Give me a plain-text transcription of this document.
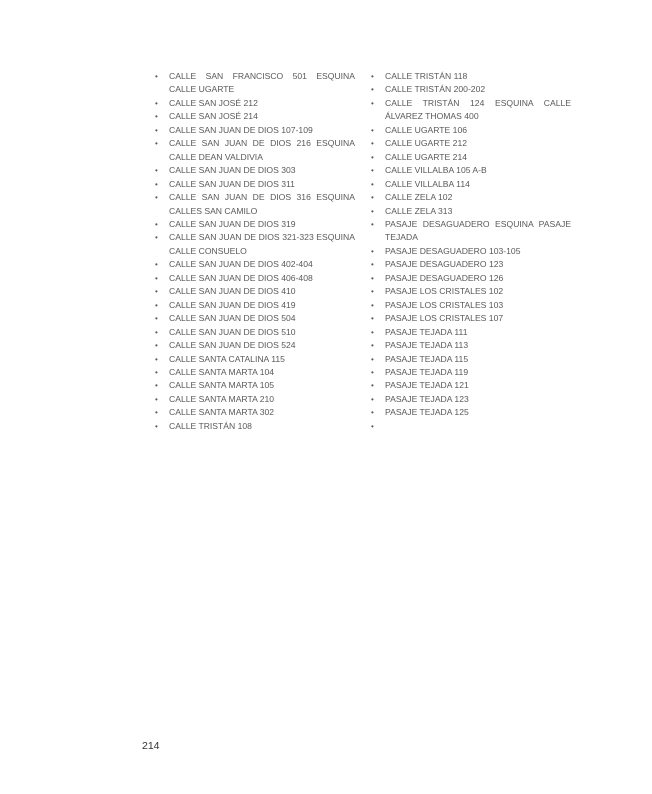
•	CALLE SAN FRANCISCO 501 ESQUINA CALLE UGARTE
•	CALLE SAN JOSÉ 212
•	CALLE SAN JOSÉ 214
•	CALLE SAN JUAN DE DIOS 107-109
•	CALLE SAN JUAN DE DIOS 216 ESQUINA CALLE DEAN VALDIVIA
•	CALLE SAN JUAN DE DIOS 303
•	CALLE SAN JUAN DE DIOS 311
•	CALLE SAN JUAN DE DIOS 316 ESQUINA CALLES SAN CAMILO
•	CALLE SAN JUAN DE DIOS 319
•	CALLE SAN JUAN DE DIOS 321-323 ESQUINA CALLE CONSUELO
•	CALLE SAN JUAN DE DIOS 402-404
•	CALLE SAN JUAN DE DIOS 406-408
•	CALLE SAN JUAN DE DIOS 410
•	CALLE SAN JUAN DE DIOS 419
•	CALLE SAN JUAN DE DIOS 504
•	CALLE SAN JUAN DE DIOS 510
•	CALLE SAN JUAN DE DIOS 524
•	CALLE SANTA CATALINA 115
•	CALLE SANTA MARTA 104
•	CALLE SANTA MARTA 105
•	CALLE SANTA MARTA 210
•	CALLE SANTA MARTA 302
•	CALLE TRISTÁN 108
•	CALLE TRISTÁN 118
•	CALLE TRISTÁN 200-202
•	CALLE TRISTÁN 124 ESQUINA CALLE ÁLVAREZ THOMAS 400
•	CALLE UGARTE 106
•	CALLE UGARTE 212
•	CALLE UGARTE 214
•	CALLE VILLALBA 105 A-B
•	CALLE VILLALBA 114
•	CALLE ZELA 102
•	CALLE ZELA 313
•	PASAJE DESAGUADERO ESQUINA PASAJE TEJADA
•	PASAJE DESAGUADERO 103-105
•	PASAJE DESAGUADERO 123
•	PASAJE DESAGUADERO 126
•	PASAJE LOS CRISTALES 102
•	PASAJE LOS CRISTALES 103
•	PASAJE LOS CRISTALES 107
•	PASAJE TEJADA 111
•	PASAJE TEJADA 113
•	PASAJE TEJADA 115
•	PASAJE TEJADA 119
•	PASAJE TEJADA 121
•	PASAJE TEJADA 123
•	PASAJE TEJADA 125
•
214
